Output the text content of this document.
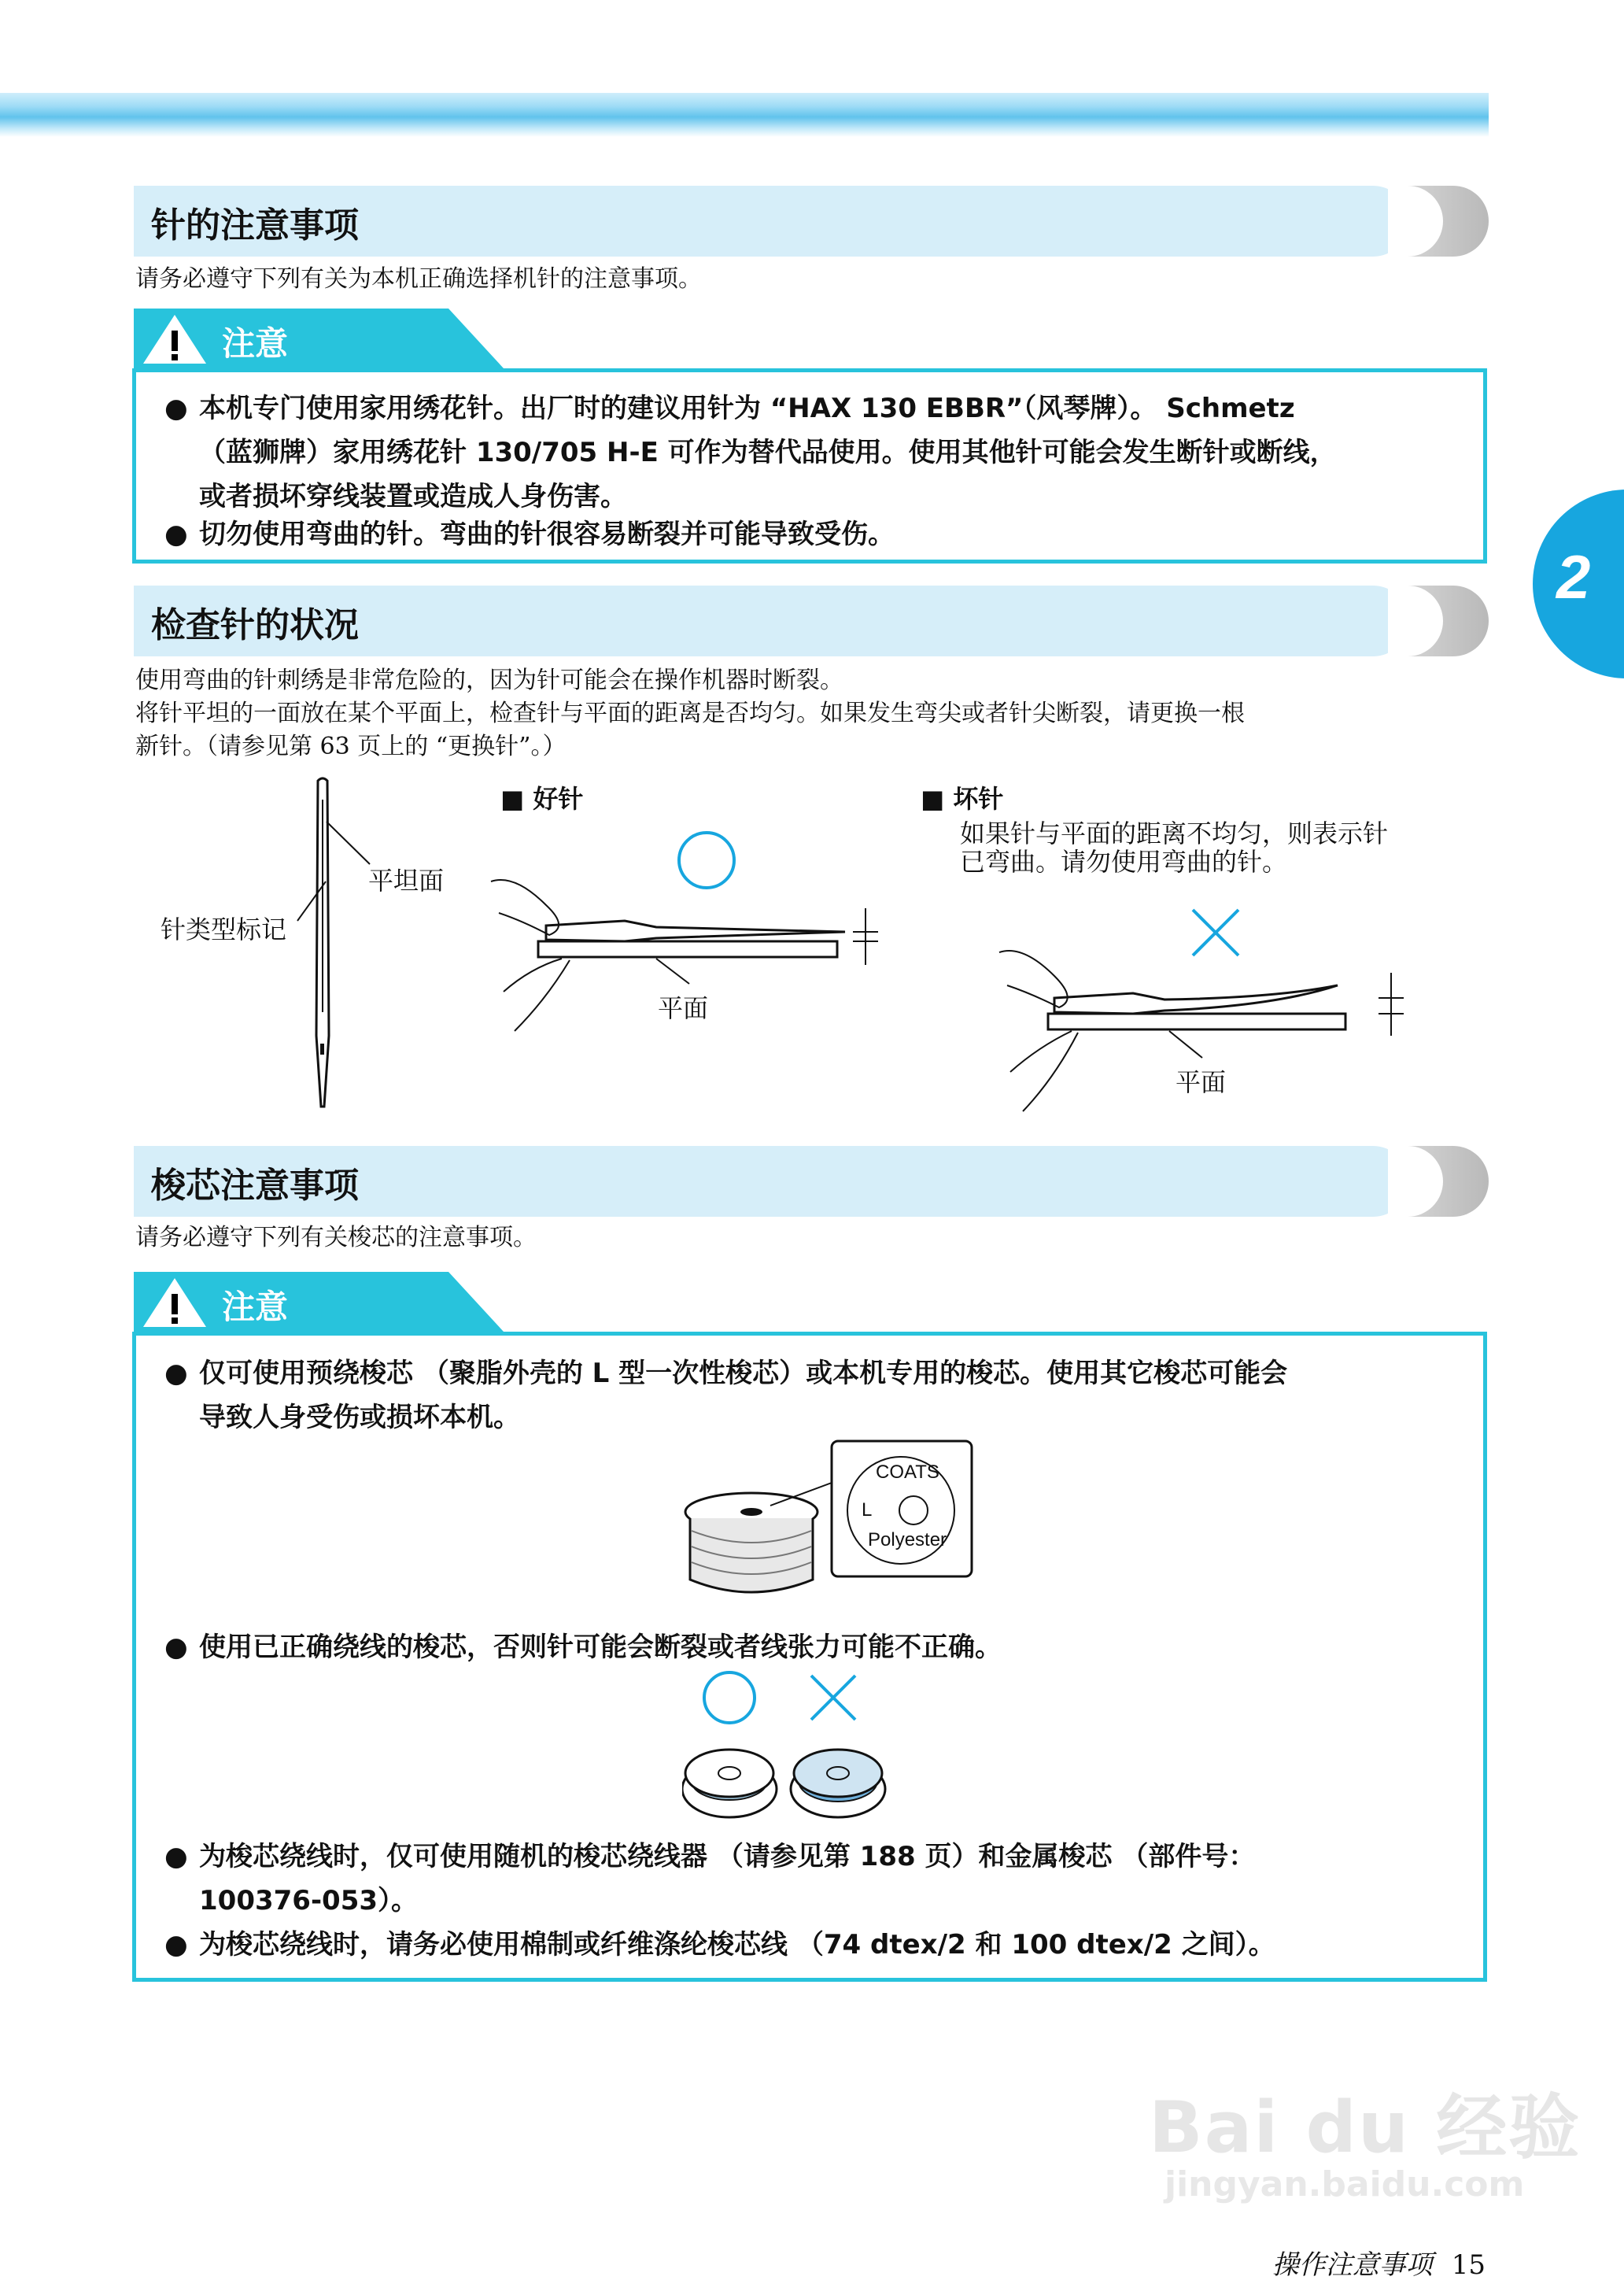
2
针的注意事项
请务必遵守下列有关为本机正确选择机针的注意事项。
注意
● 本机专门使用家用绣花针。出厂时的建议用针为 “HAX 130 EBBR”（风琴牌）。 Schmetz
（蓝狮牌）家用绣花针 130/705 H-E 可作为替代品使用。使用其他针可能会发生断针或断线，
或者损坏穿线装置或造成人身伤害。
● 切勿使用弯曲的针。弯曲的针很容易断裂并可能导致受伤。
检查针的状况
使用弯曲的针刺绣是非常危险的，因为针可能会在操作机器时断裂。
将针平坦的一面放在某个平面上，检查针与平面的距离是否均匀。如果发生弯尖或者针尖断裂，请更换一根
新针。（请参见第 63 页上的 “更换针”。）
平坦面
针类型标记
■ 好针
平面
■ 坏针
如果针与平面的距离不均匀，则表示针
已弯曲。请勿使用弯曲的针。
平面
梭芯注意事项
请务必遵守下列有关梭芯的注意事项。
注意
● 仅可使用预绕梭芯 （聚脂外壳的 L 型一次性梭芯）或本机专用的梭芯。使用其它梭芯可能会
导致人身受伤或损坏本机。
COATS
L
Polyester
● 使用已正确绕线的梭芯，否则针可能会断裂或者线张力可能不正确。
● 为梭芯绕线时，仅可使用随机的梭芯绕线器 （请参见第 188 页）和金属梭芯 （部件号：
100376-053）。
● 为梭芯绕线时，请务必使用棉制或纤维涤纶梭芯线 （74 dtex/2 和 100 dtex/2 之间）。
Bai du 经验
jingyan.baidu.com
操作注意事项 15
